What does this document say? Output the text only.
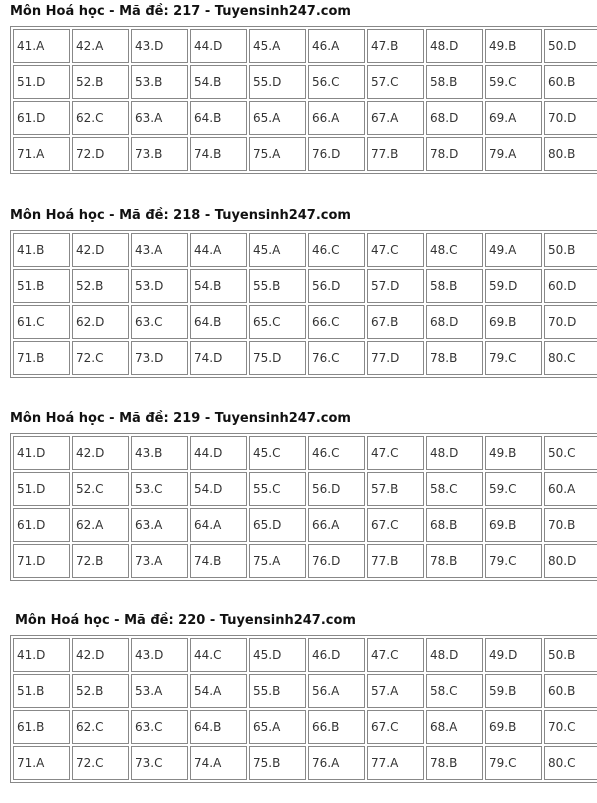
Môn Hoá học - Mã đề: 217 - Tuyensinh247.com
41.A	42.A	43.D	44.D	45.A	46.A	47.B	48.D	49.B	50.D
51.D	52.B	53.B	54.B	55.D	56.C	57.C	58.B	59.C	60.B
61.D	62.C	63.A	64.B	65.A	66.A	67.A	68.D	69.A	70.D
71.A	72.D	73.B	74.B	75.A	76.D	77.B	78.D	79.A	80.B
Môn Hoá học - Mã đề: 218 - Tuyensinh247.com
41.B	42.D	43.A	44.A	45.A	46.C	47.C	48.C	49.A	50.B
51.B	52.B	53.D	54.B	55.B	56.D	57.D	58.B	59.D	60.D
61.C	62.D	63.C	64.B	65.C	66.C	67.B	68.D	69.B	70.D
71.B	72.C	73.D	74.D	75.D	76.C	77.D	78.B	79.C	80.C
Môn Hoá học - Mã đề: 219 - Tuyensinh247.com
41.D	42.D	43.B	44.D	45.C	46.C	47.C	48.D	49.B	50.C
51.D	52.C	53.C	54.D	55.C	56.D	57.B	58.C	59.C	60.A
61.D	62.A	63.A	64.A	65.D	66.A	67.C	68.B	69.B	70.B
71.D	72.B	73.A	74.B	75.A	76.D	77.B	78.B	79.C	80.D
Môn Hoá học - Mã đề: 220 - Tuyensinh247.com
41.D	42.D	43.D	44.C	45.D	46.D	47.C	48.D	49.D	50.B
51.B	52.B	53.A	54.A	55.B	56.A	57.A	58.C	59.B	60.B
61.B	62.C	63.C	64.B	65.A	66.B	67.C	68.A	69.B	70.C
71.A	72.C	73.C	74.A	75.B	76.A	77.A	78.B	79.C	80.C
